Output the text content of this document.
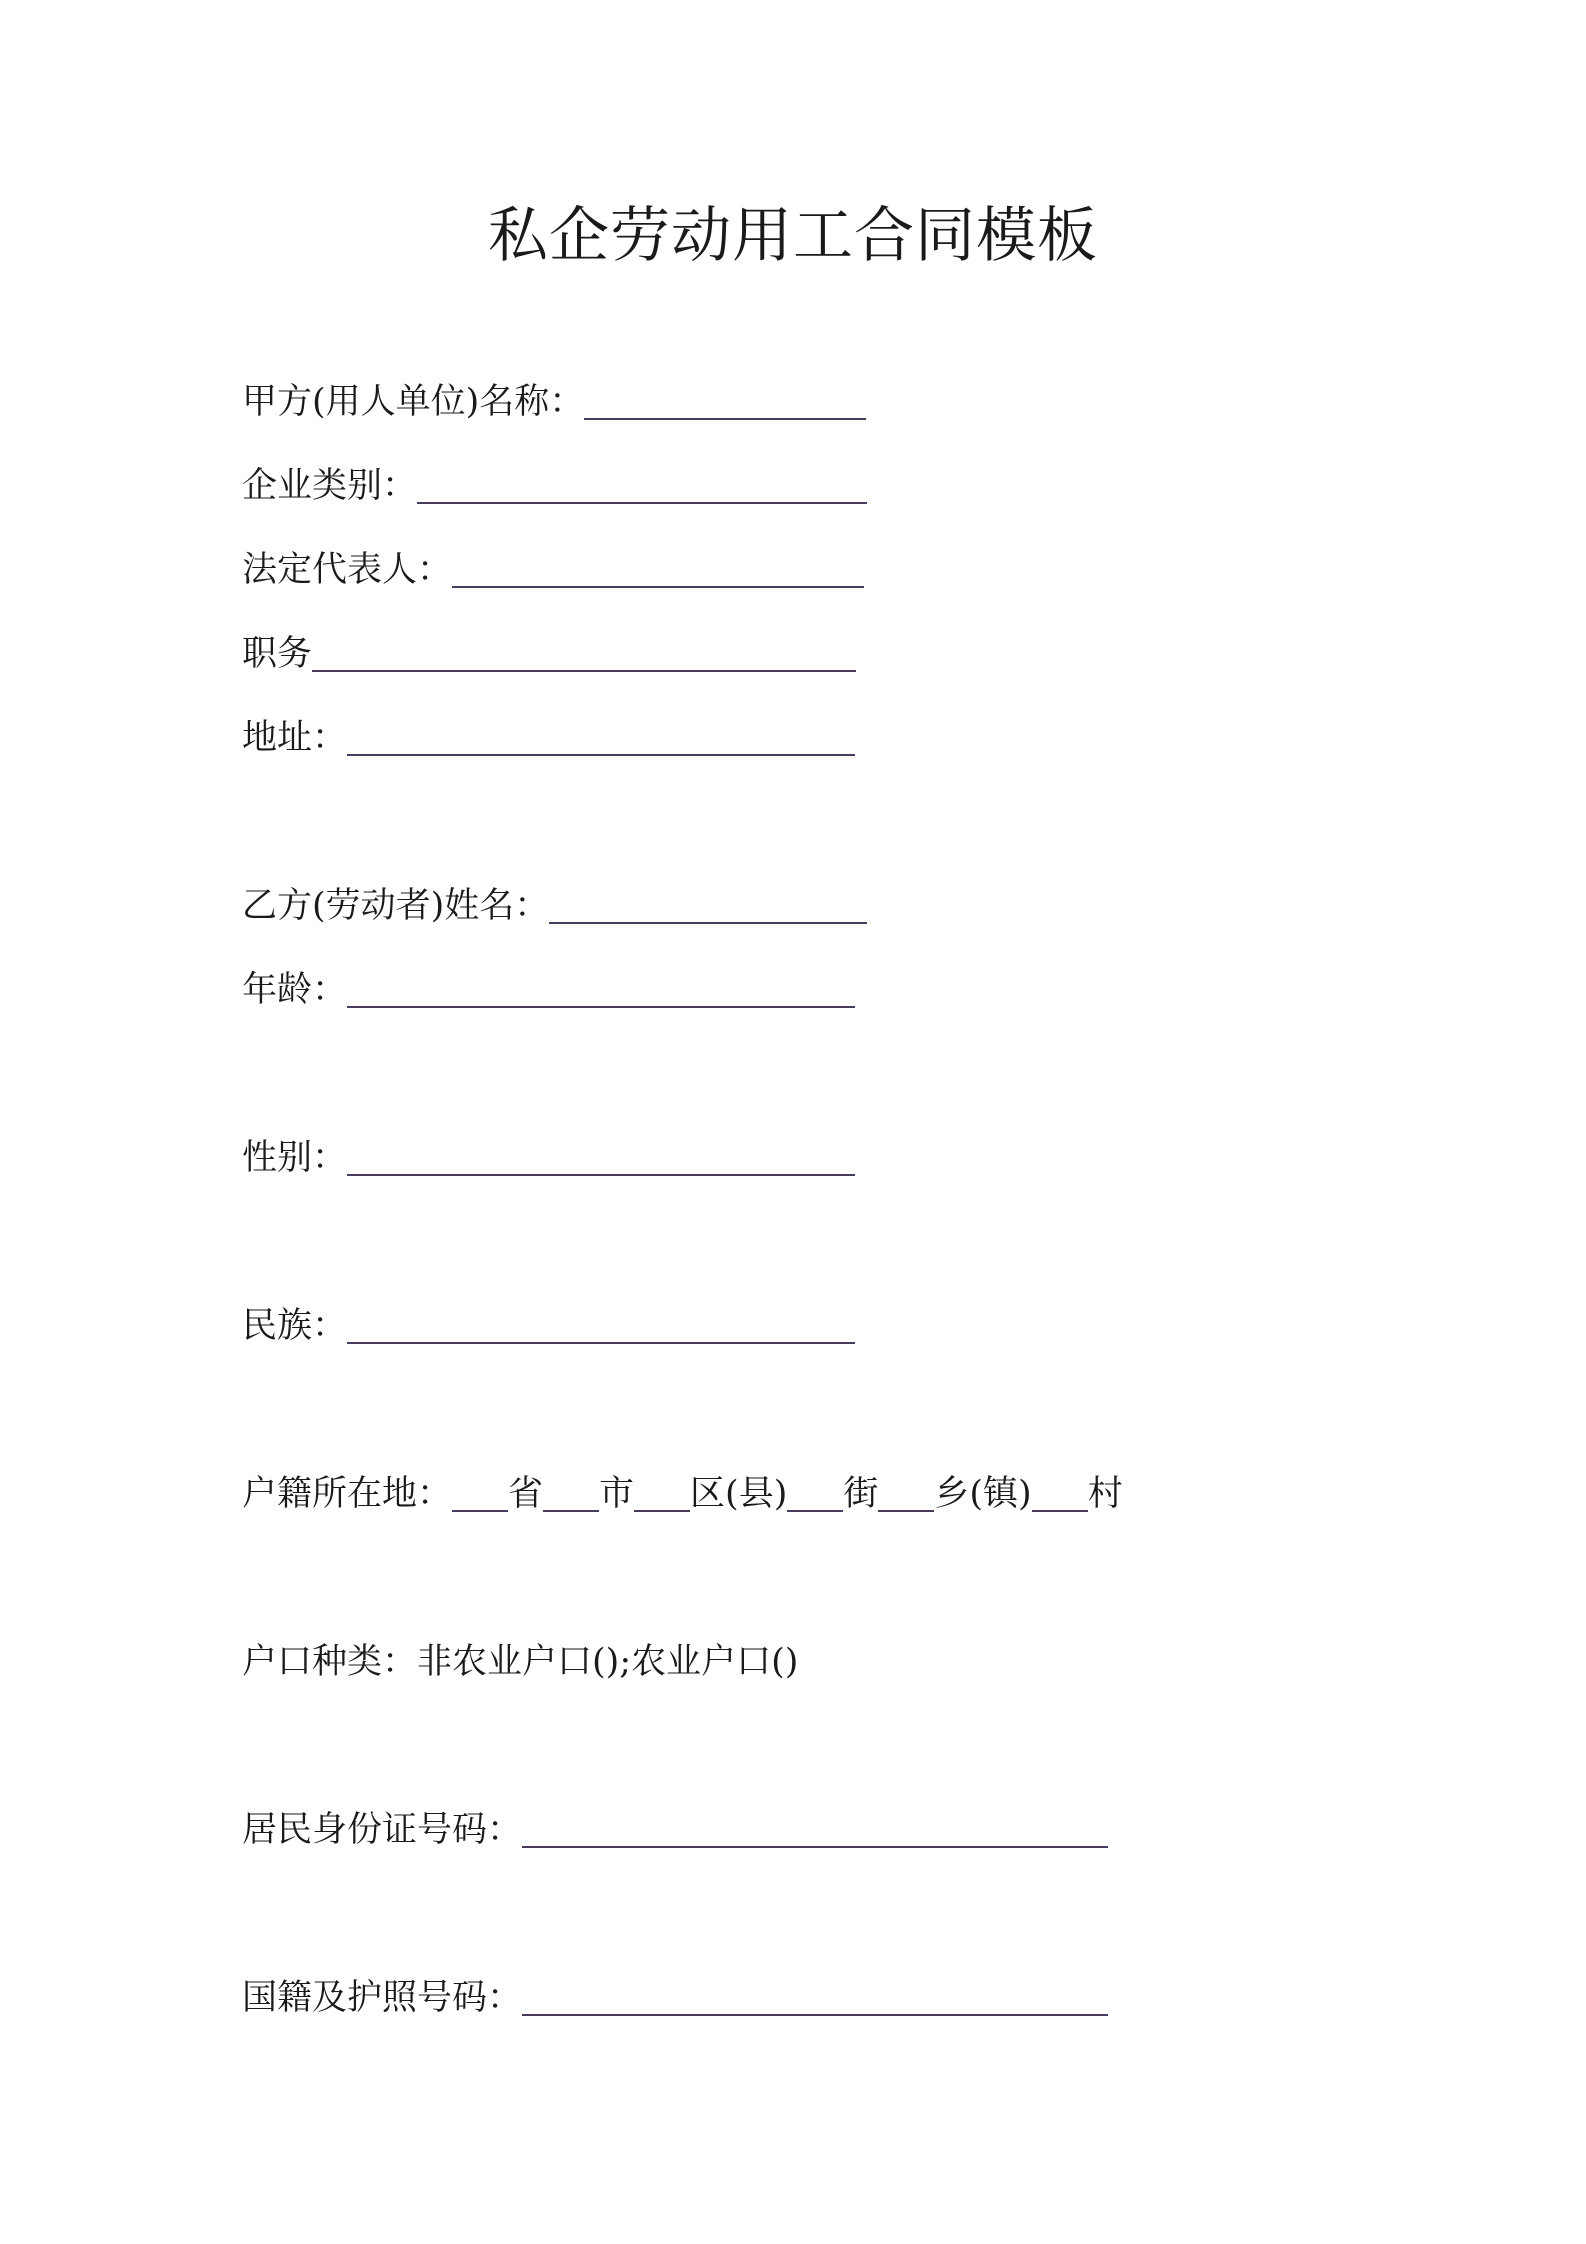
私企劳动用工合同模板
甲方(用人单位)名称：
企业类别：
法定代表人：
职务
地址：
乙方(劳动者)姓名：
年龄：
性别：
民族：
户籍所在地： 省 市 区(县) 街 乡(镇) 村
户口种类： 非农业户口() ; 农业户口()
居民身份证号码：
国籍及护照号码：
